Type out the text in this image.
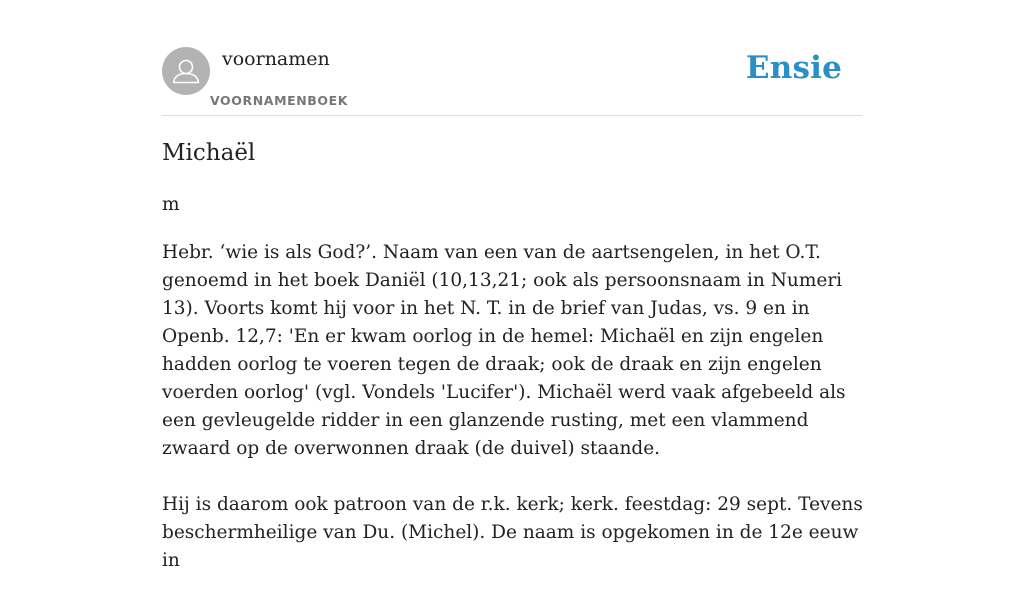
voornamen
VOORNAMENBOEK
Ensie
Michaël
m

Hebr. ‘wie is als God?’. Naam van een van de aartsengelen, in het O.T. genoemd in het boek Daniël (10,13,21; ook als persoonsnaam in Numeri 13). Voorts komt hij voor in het N. T. in de brief van Judas, vs. 9 en in Openb. 12,7: 'En er kwam oorlog in de hemel: Michaël en zijn engelen hadden oorlog te voeren tegen de draak; ook de draak en zijn engelen voerden oorlog' (vgl. Vondels 'Lucifer'). Michaël werd vaak afgebeeld als een gevleugelde ridder in een glanzende rusting, met een vlammend zwaard op de overwonnen draak (de duivel) staande.

Hij is daarom ook patroon van de r.k. kerk; kerk. feestdag: 29 sept. Tevens beschermheilige van Du. (Michel). De naam is opgekomen in de 12e eeuw in
